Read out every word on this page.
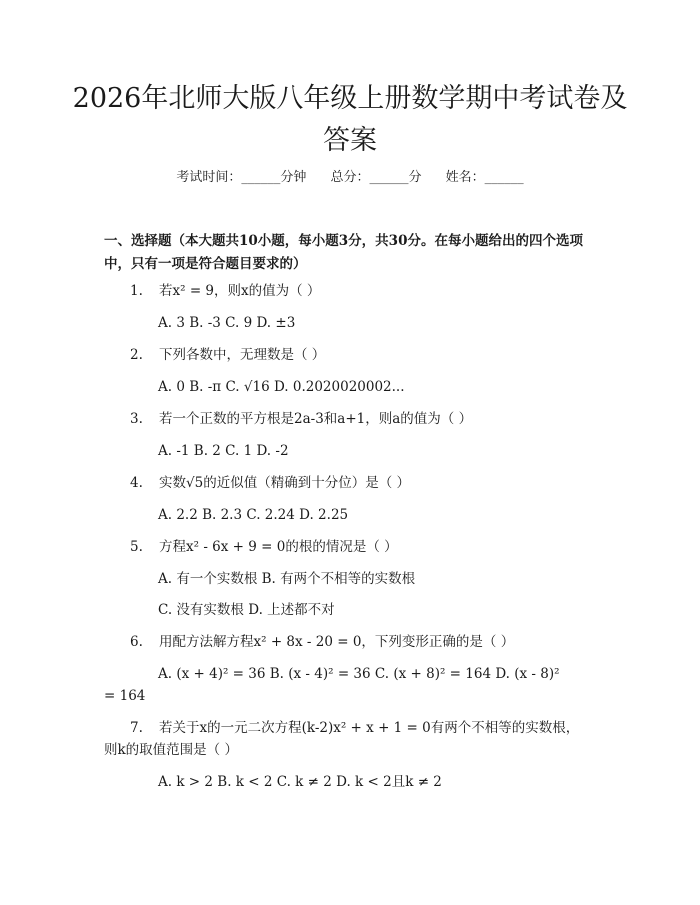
2026年北师大版八年级上册数学期中考试卷及答案
考试时间：______分钟 总分：______分 姓名：______
一、选择题（本大题共10小题，每小题3分，共30分。在每小题给出的四个选项中，只有一项是符合题目要求的）
1. 若x² = 9，则x的值为（ ）
A. 3 B. -3 C. 9 D. ±3
2. 下列各数中，无理数是（ ）
A. 0 B. -π C. √16 D. 0.2020020002...
3. 若一个正数的平方根是2a-3和a+1，则a的值为（ ）
A. -1 B. 2 C. 1 D. -2
4. 实数√5的近似值（精确到十分位）是（ ）
A. 2.2 B. 2.3 C. 2.24 D. 2.25
5. 方程x² - 6x + 9 = 0的根的情况是（ ）
A. 有一个实数根 B. 有两个不相等的实数根
C. 没有实数根 D. 上述都不对
6. 用配方法解方程x² + 8x - 20 = 0，下列变形正确的是（ ）
A. (x + 4)² = 36 B. (x - 4)² = 36 C. (x + 8)² = 164 D. (x - 8)²
= 164
7. 若关于x的一元二次方程(k-2)x² + x + 1 = 0有两个不相等的实数根，
则k的取值范围是（ ）
A. k > 2 B. k < 2 C. k ≠ 2 D. k < 2且k ≠ 2
